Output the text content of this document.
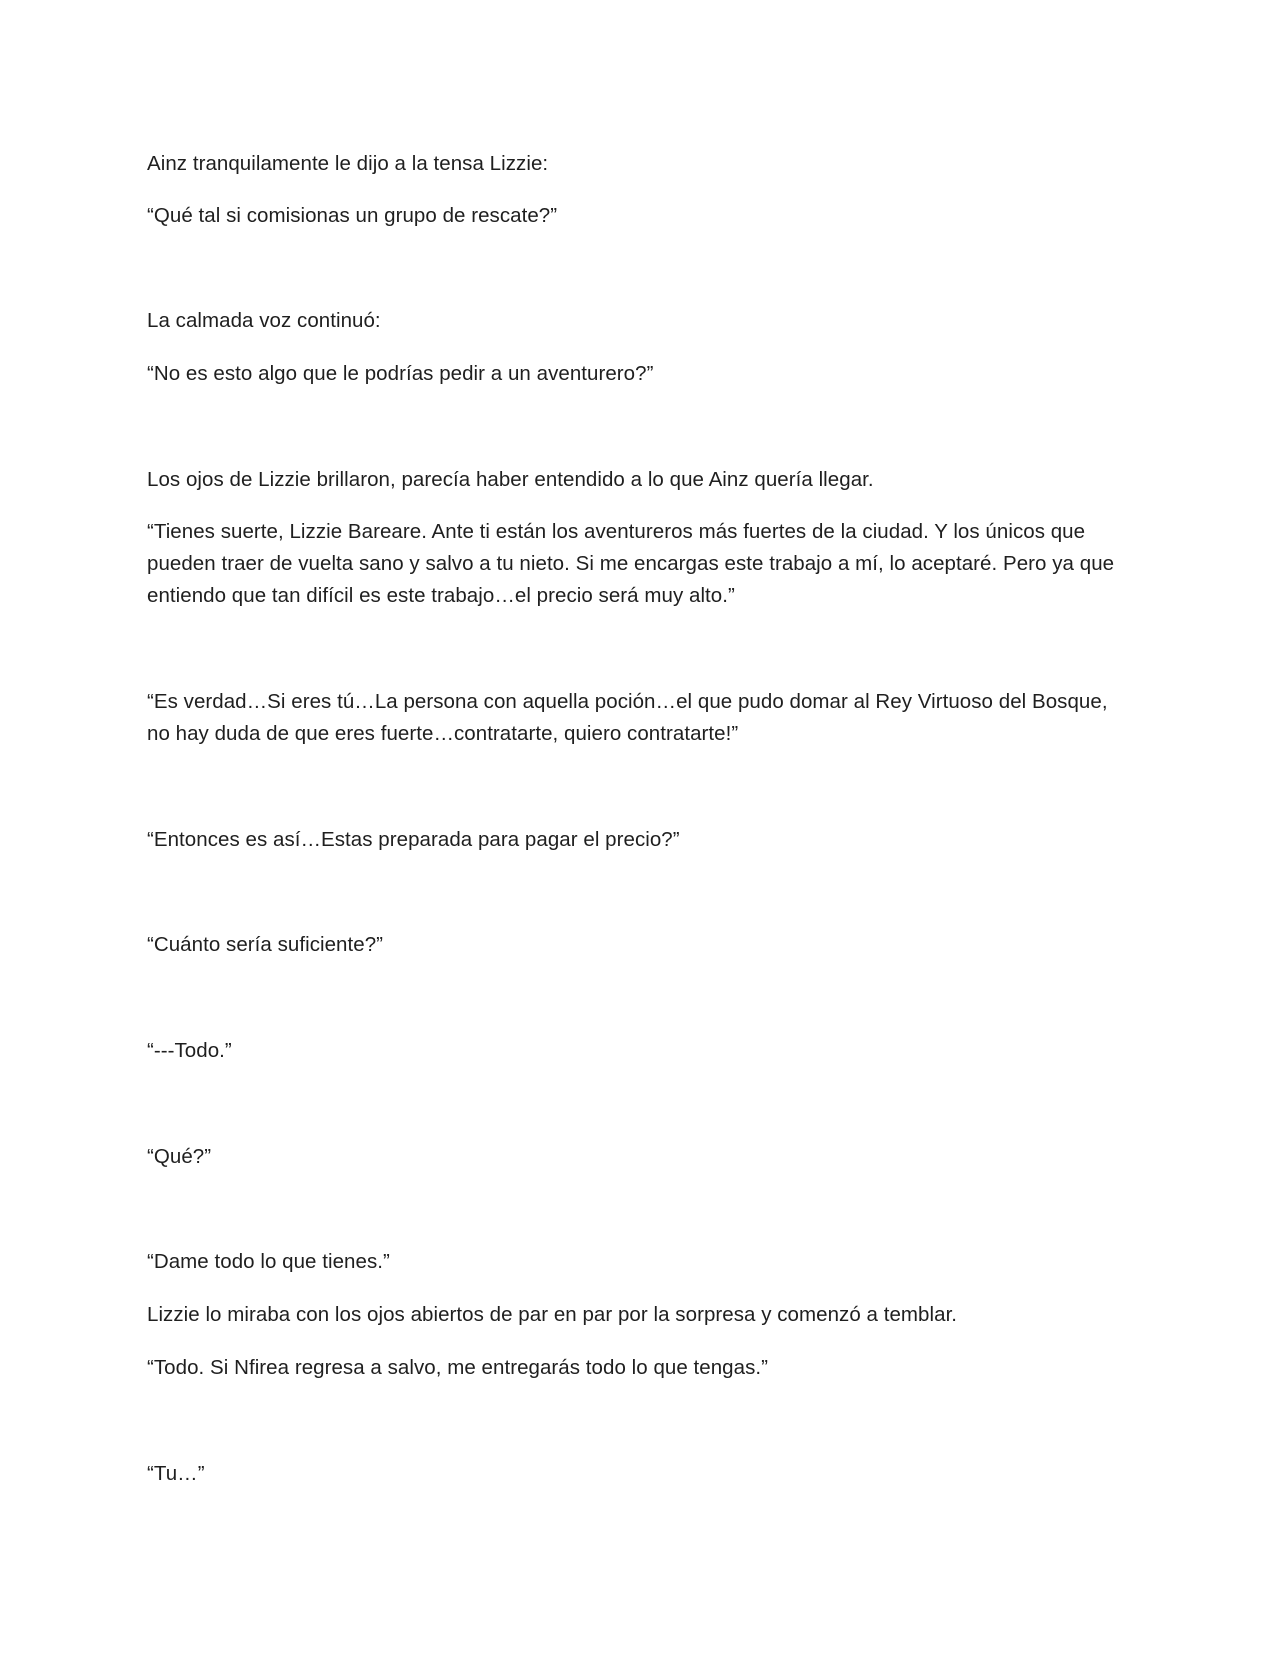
Ainz tranquilamente le dijo a la tensa Lizzie:

“Qué tal si comisionas un grupo de rescate?”

La calmada voz continuó:

“No es esto algo que le podrías pedir a un aventurero?”

Los ojos de Lizzie brillaron, parecía haber entendido a lo que Ainz quería llegar.

“Tienes suerte, Lizzie Bareare. Ante ti están los aventureros más fuertes de la ciudad. Y los únicos que pueden traer de vuelta sano y salvo a tu nieto. Si me encargas este trabajo a mí, lo aceptaré. Pero ya que entiendo que tan difícil es este trabajo…el precio será muy alto.”

“Es verdad…Si eres tú…La persona con aquella poción…el que pudo domar al Rey Virtuoso del Bosque, no hay duda de que eres fuerte…contratarte, quiero contratarte!”

“Entonces es así…Estas preparada para pagar el precio?”

“Cuánto sería suficiente?”

“---Todo.”

“Qué?”

“Dame todo lo que tienes.”

Lizzie lo miraba con los ojos abiertos de par en par por la sorpresa y comenzó a temblar.

“Todo. Si Nfirea regresa a salvo, me entregarás todo lo que tengas.”

“Tu…”
